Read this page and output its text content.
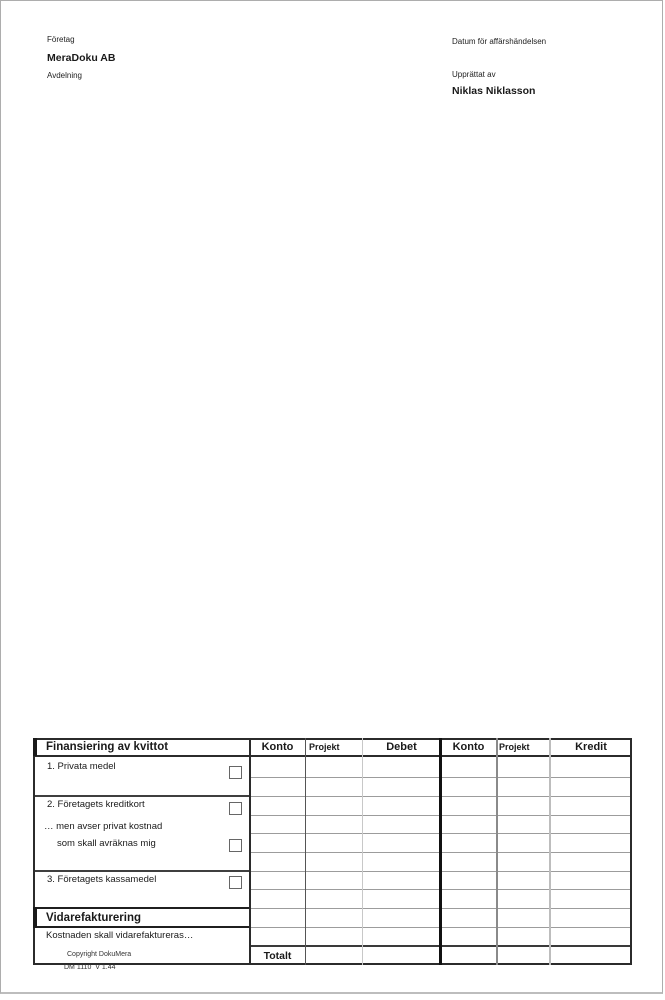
Företag
MeraDoku AB
Avdelning
Datum för affärshändelsen
Upprättat av
Niklas Niklasson
Finansiering av kvittot	Konto	Projekt	Debet	Konto	Projekt	Kredit
1. Privata medel
2. Företagets kreditkort
… men avser privat kostnad
som skall avräknas mig
3. Företagets kassamedel
Vidarefakturering
Kostnaden skall vidarefaktureras…
Totalt
Copyright DokuMera
DM 1110  V 1.44
